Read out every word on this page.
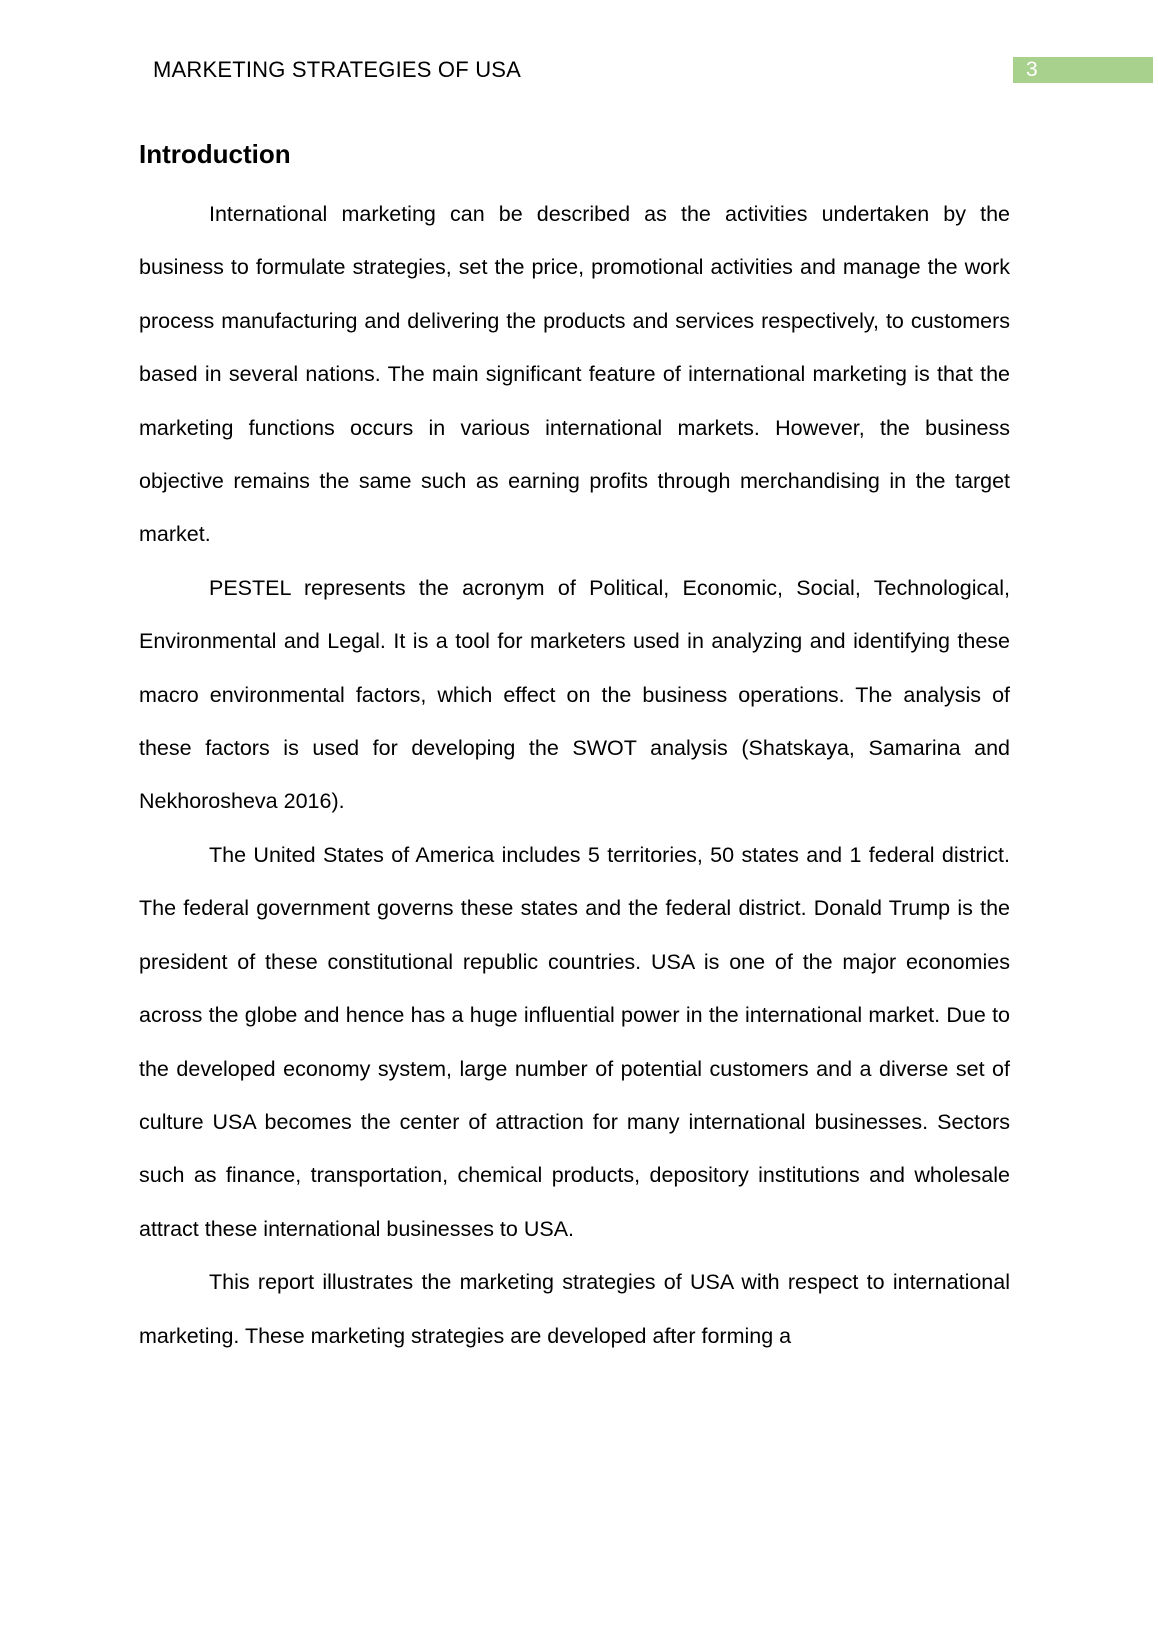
MARKETING STRATEGIES OF USA	3
Introduction

International marketing can be described as the activities undertaken by the business to formulate strategies, set the price, promotional activities and manage the work process manufacturing and delivering the products and services respectively, to customers based in several nations. The main significant feature of international marketing is that the marketing functions occurs in various international markets. However, the business objective remains the same such as earning profits through merchandising in the target market.

PESTEL represents the acronym of Political, Economic, Social, Technological, Environmental and Legal. It is a tool for marketers used in analyzing and identifying these macro environmental factors, which effect on the business operations. The analysis of these factors is used for developing the SWOT analysis (Shatskaya, Samarina and Nekhorosheva 2016).

The United States of America includes 5 territories, 50 states and 1 federal district. The federal government governs these states and the federal district. Donald Trump is the president of these constitutional republic countries. USA is one of the major economies across the globe and hence has a huge influential power in the international market. Due to the developed economy system, large number of potential customers and a diverse set of culture USA becomes the center of attraction for many international businesses. Sectors such as finance, transportation, chemical products, depository institutions and wholesale attract these international businesses to USA.

This report illustrates the marketing strategies of USA with respect to international marketing. These marketing strategies are developed after forming a
